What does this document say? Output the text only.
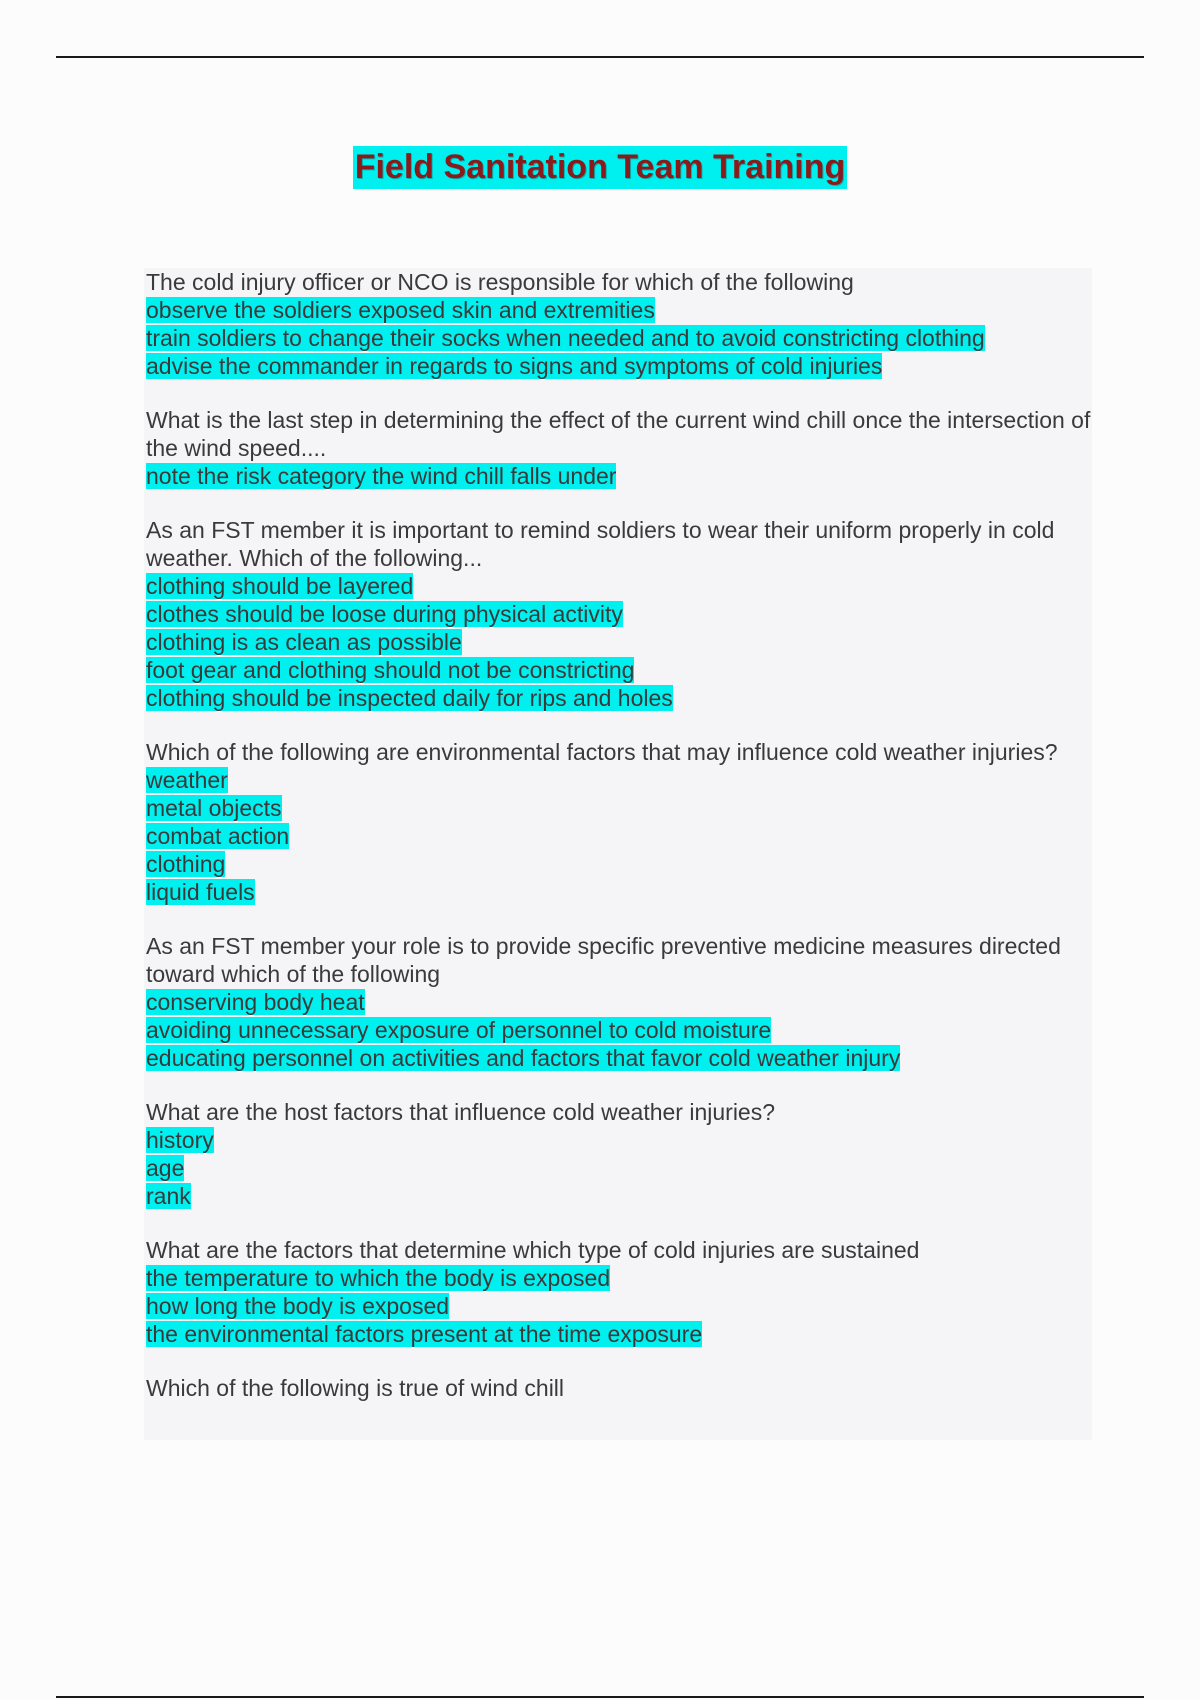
Field Sanitation Team Training

The cold injury officer or NCO is responsible for which of the following

observe the soldiers exposed skin and extremities

train soldiers to change their socks when needed and to avoid constricting clothing

advise the commander in regards to signs and symptoms of cold injuries

What is the last step in determining the effect of the current wind chill once the intersection of the wind speed....

note the risk category the wind chill falls under

As an FST member it is important to remind soldiers to wear their uniform properly in cold weather. Which of the following...

clothing should be layered

clothes should be loose during physical activity

clothing is as clean as possible

foot gear and clothing should not be constricting

clothing should be inspected daily for rips and holes

Which of the following are environmental factors that may influence cold weather injuries?

weather

metal objects

combat action

clothing

liquid fuels

As an FST member your role is to provide specific preventive medicine measures directed toward which of the following

conserving body heat

avoiding unnecessary exposure of personnel to cold moisture

educating personnel on activities and factors that favor cold weather injury

What are the host factors that influence cold weather injuries?

history

age

rank

What are the factors that determine which type of cold injuries are sustained

the temperature to which the body is exposed

how long the body is exposed

the environmental factors present at the time exposure

Which of the following is true of wind chill
